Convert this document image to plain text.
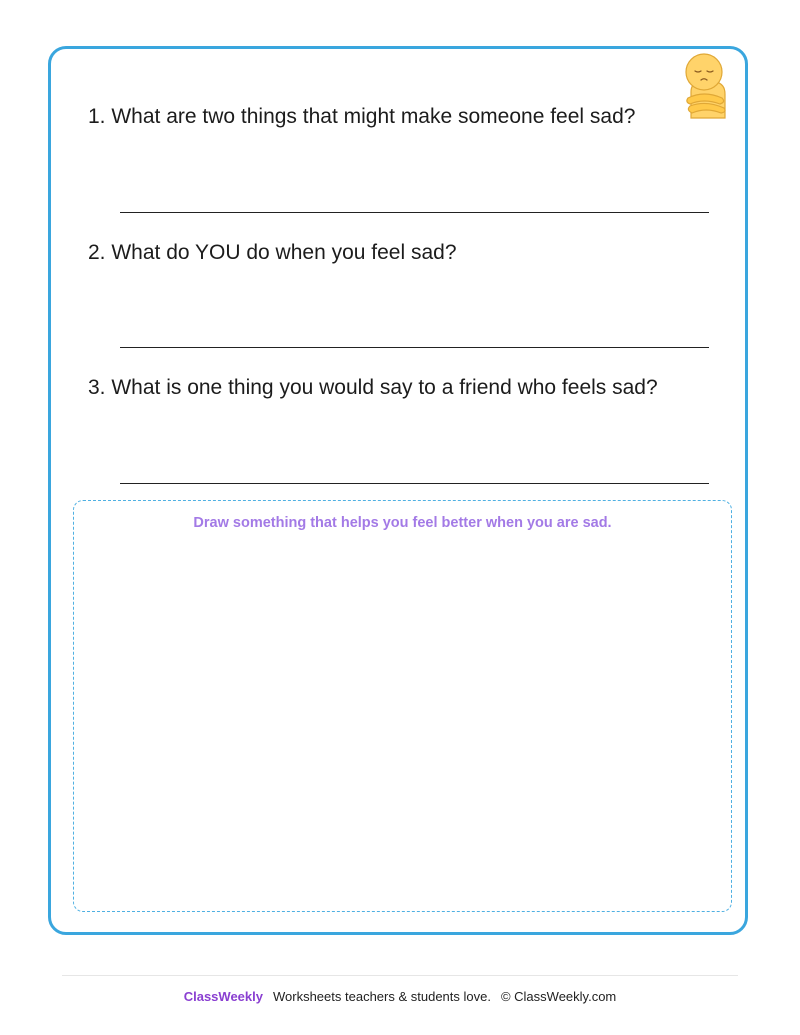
1. What are two things that might make someone feel sad?
2. What do YOU do when you feel sad?
3. What is one thing you would say to a friend who feels sad?
Draw something that helps you feel better when you are sad.
ClassWeekly Worksheets teachers & students love. © ClassWeekly.com
